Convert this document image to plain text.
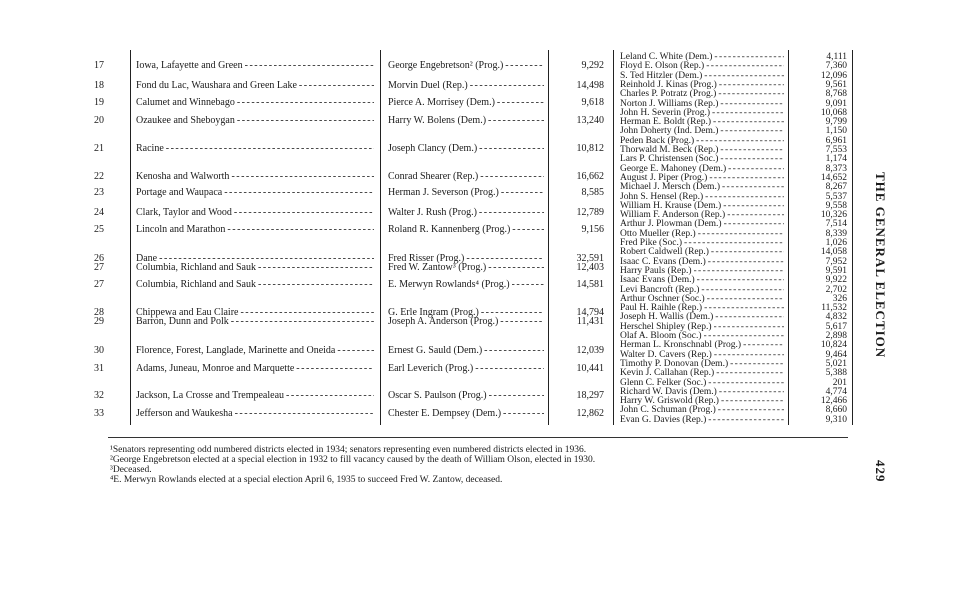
17	Iowa, Lafayette and Green	George Engebretson² (Prog.)	9,292
- - -
- - -
18	Fond du Lac, Waushara and Green Lake	Morvin Duel (Rep.)	14,498
- - -
- - -
19	Calumet and Winnebago	Pierce A. Morrisey (Dem.)	9,618
- - -
- - -
20	Ozaukee and Sheboygan	Harry W. Bolens (Dem.)	13,240
- - -
- - -
21	Racine	Joseph Clancy (Dem.)	10,812
- - -
- - -
22	Kenosha and Walworth	Conrad Shearer (Rep.)	16,662
- - -
- - -
23	Portage and Waupaca	Herman J. Severson (Prog.)	8,585
- - -
- - -
24	Clark, Taylor and Wood	Walter J. Rush (Prog.)	12,789
- - -
- - -
25	Lincoln and Marathon	Roland R. Kannenberg (Prog.)	9,156
- - -
- - -
26	Dane	Fred Risser (Prog.)	32,591
- - -
- - -
27	Columbia, Richland and Sauk	Fred W. Zantow³ (Prog.)	12,403
- - -
- - -
27	Columbia, Richland and Sauk	E. Merwyn Rowlands⁴ (Prog.)	14,581
- - -
- - -
28	Chippewa and Eau Claire	G. Erle Ingram (Prog.)	14,794
- - -
- - -
29	Barron, Dunn and Polk	Joseph A. Anderson (Prog.)	11,431
- - -
- - -
30	Florence, Forest, Langlade, Marinette and Oneida	Ernest G. Sauld (Dem.)	12,039
- - -
- - -
31	Adams, Juneau, Monroe and Marquette	Earl Leverich (Prog.)	10,441
- - -
- - -
32	Jackson, La Crosse and Trempealeau	Oscar S. Paulson (Prog.)	18,297
- - -
- - -
33	Jefferson and Waukesha	Chester E. Dempsey (Dem.)	12,862
- - -
- - -
Leland C. White (Dem.)	4,111
- - -
Floyd E. Olson (Rep.)	7,360
- - -
S. Ted Hitzler (Dem.)	12,096
- - -
Reinhold J. Kinas (Prog.)	9,561
- - -
Charles P. Potratz (Prog.)	8,768
- - -
Norton J. Williams (Rep.)	9,091
- - -
John H. Severin (Prog.)	10,068
- - -
Herman E. Boldt (Rep.)	9,799
- - -
John Doherty (Ind. Dem.)	1,150
- - -
Peden Back (Prog.)	6,961
- - -
Thorwald M. Beck (Rep.)	7,553
- - -
Lars P. Christensen (Soc.)	1,174
- - -
George E. Mahoney (Dem.)	8,373
- - -
August J. Piper (Prog.)	14,652
- - -
Michael J. Mersch (Dem.)	8,267
- - -
John S. Hensel (Rep.)	5,537
- - -
William H. Krause (Dem.)	9,558
- - -
William F. Anderson (Rep.)	10,326
- - -
Arthur J. Plowman (Dem.)	7,514
- - -
Otto Mueller (Rep.)	8,339
- - -
Fred Pike (Soc.)	1,026
- - -
Robert Caldwell (Rep.)	14,058
- - -
Isaac C. Evans (Dem.)	7,952
- - -
Harry Pauls (Rep.)	9,591
- - -
Isaac Evans (Dem.)	9,922
- - -
Levi Bancroft (Rep.)	2,702
- - -
Arthur Oschner (Soc.)	326
- - -
Paul H. Raihle (Rep.)	11,532
- - -
Joseph H. Wallis (Dem.)	4,832
- - -
Herschel Shipley (Rep.)	5,617
- - -
Olaf A. Bloom (Soc.)	2,898
- - -
Herman L. Kronschnabl (Prog.)	10,824
- - -
Walter D. Cavers (Rep.)	9,464
- - -
Timothy P. Donovan (Dem.)	5,021
- - -
Kevin J. Callahan (Rep.)	5,388
- - -
Glenn C. Felker (Soc.)	201
- - -
Richard W. Davis (Dem.)	4,774
- - -
Harry W. Griswold (Rep.)	12,466
- - -
John C. Schuman (Prog.)	8,660
- - -
Evan G. Davies (Rep.)	9,310
- - -
THE GENERAL ELECTION
429
¹Senators representing odd numbered districts elected in 1934; senators representing even numbered districts elected in 1936.
²George Engebretson elected at a special election in 1932 to fill vacancy caused by the death of William Olson, elected in 1930.
³Deceased.
⁴E. Merwyn Rowlands elected at a special election April 6, 1935 to succeed Fred W. Zantow, deceased.
